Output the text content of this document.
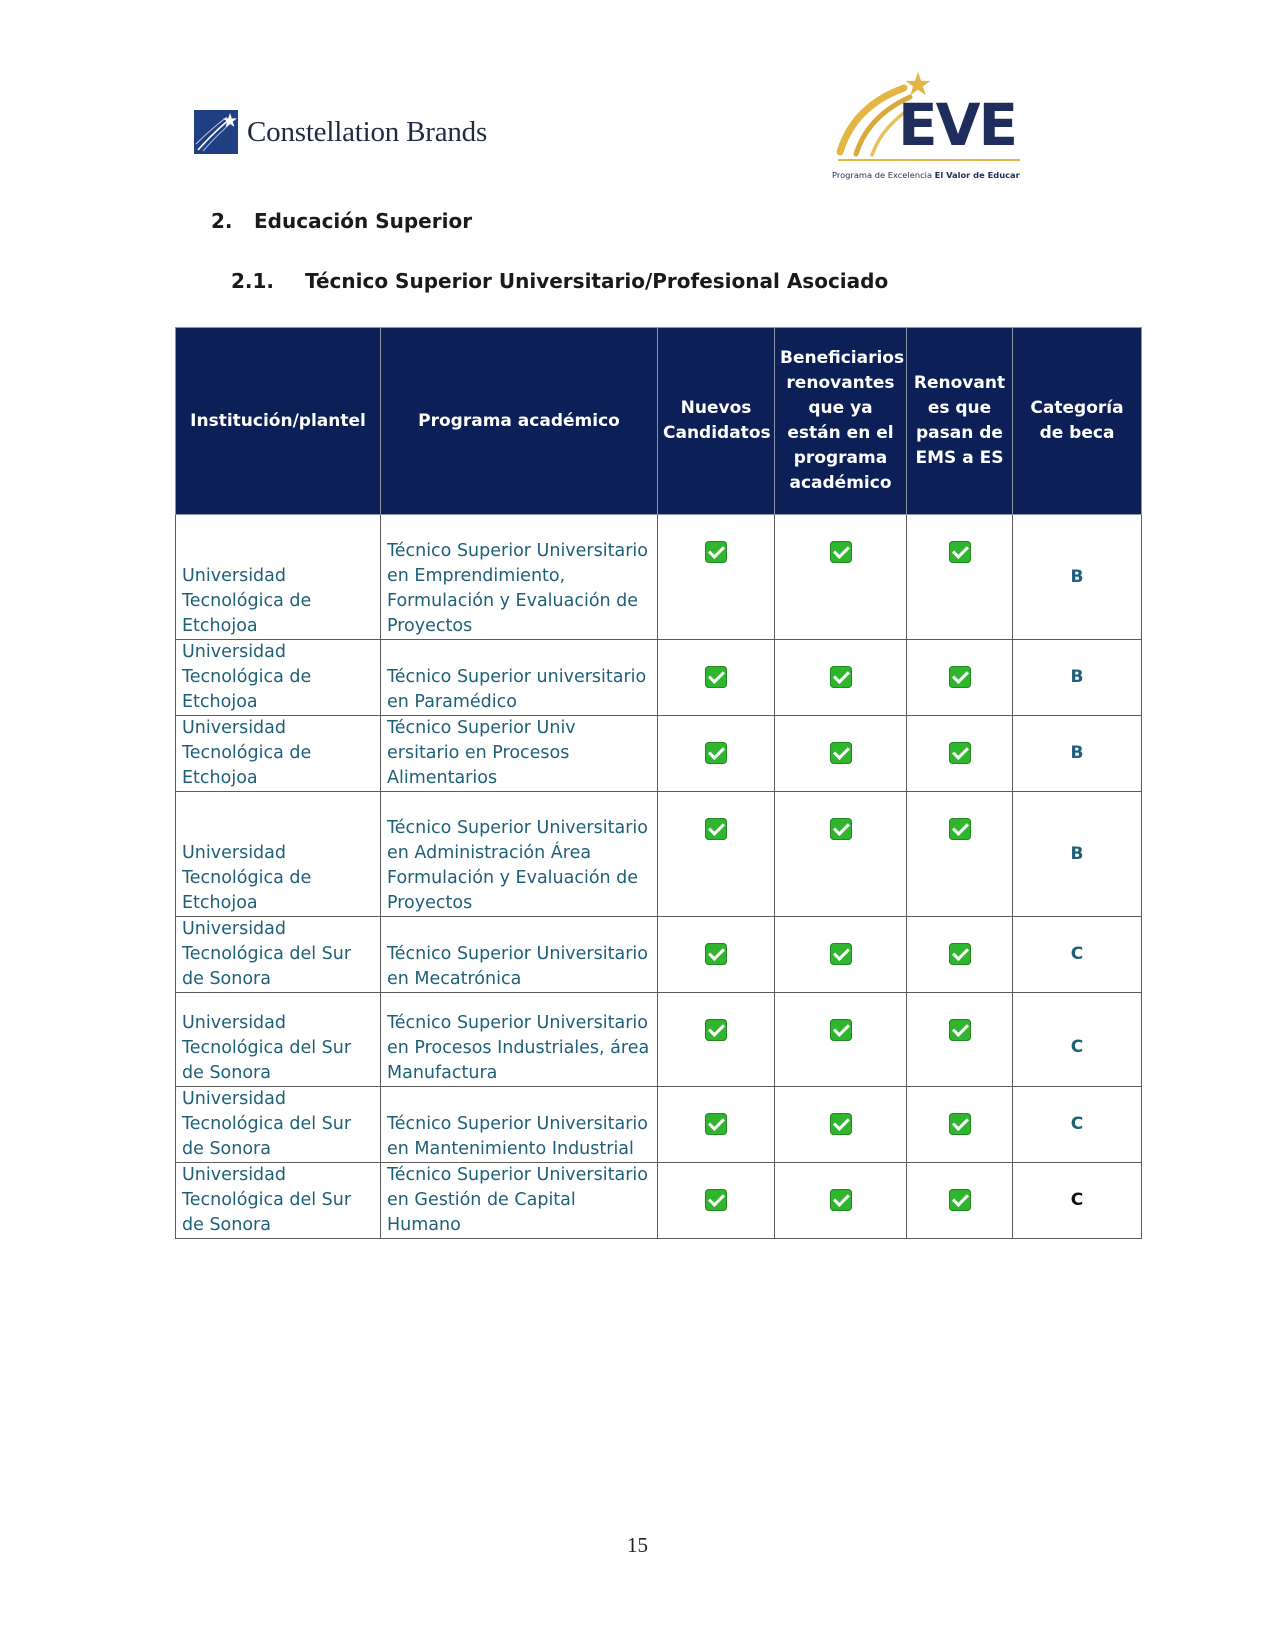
Constellation Brands	EVE
Programa de Excelencia El Valor de Educar
2. Educación Superior
2.1. Técnico Superior Universitario/Profesional Asociado
Institución/plantel	Programa académico	Nuevos Candidatos	Beneficiarios renovantes que ya están en el programa académico	Renovant es que pasan de EMS a ES	Categoría de beca
Universidad Tecnológica de Etchojoa	Técnico Superior Universitario en Emprendimiento, Formulación y Evaluación de Proyectos				B
Universidad Tecnológica de Etchojoa	Técnico Superior universitario en Paramédico				B
Universidad Tecnológica de Etchojoa	Técnico Superior Univ ersitario en Procesos Alimentarios				B
Universidad Tecnológica de Etchojoa	Técnico Superior Universitario en Administración Área Formulación y Evaluación de Proyectos				B
Universidad Tecnológica del Sur de Sonora	Técnico Superior Universitario en Mecatrónica				C
Universidad Tecnológica del Sur de Sonora	Técnico Superior Universitario en Procesos Industriales, área Manufactura				C
Universidad Tecnológica del Sur de Sonora	Técnico Superior Universitario en Mantenimiento Industrial				C
Universidad Tecnológica del Sur de Sonora	Técnico Superior Universitario en Gestión de Capital Humano				C
15
